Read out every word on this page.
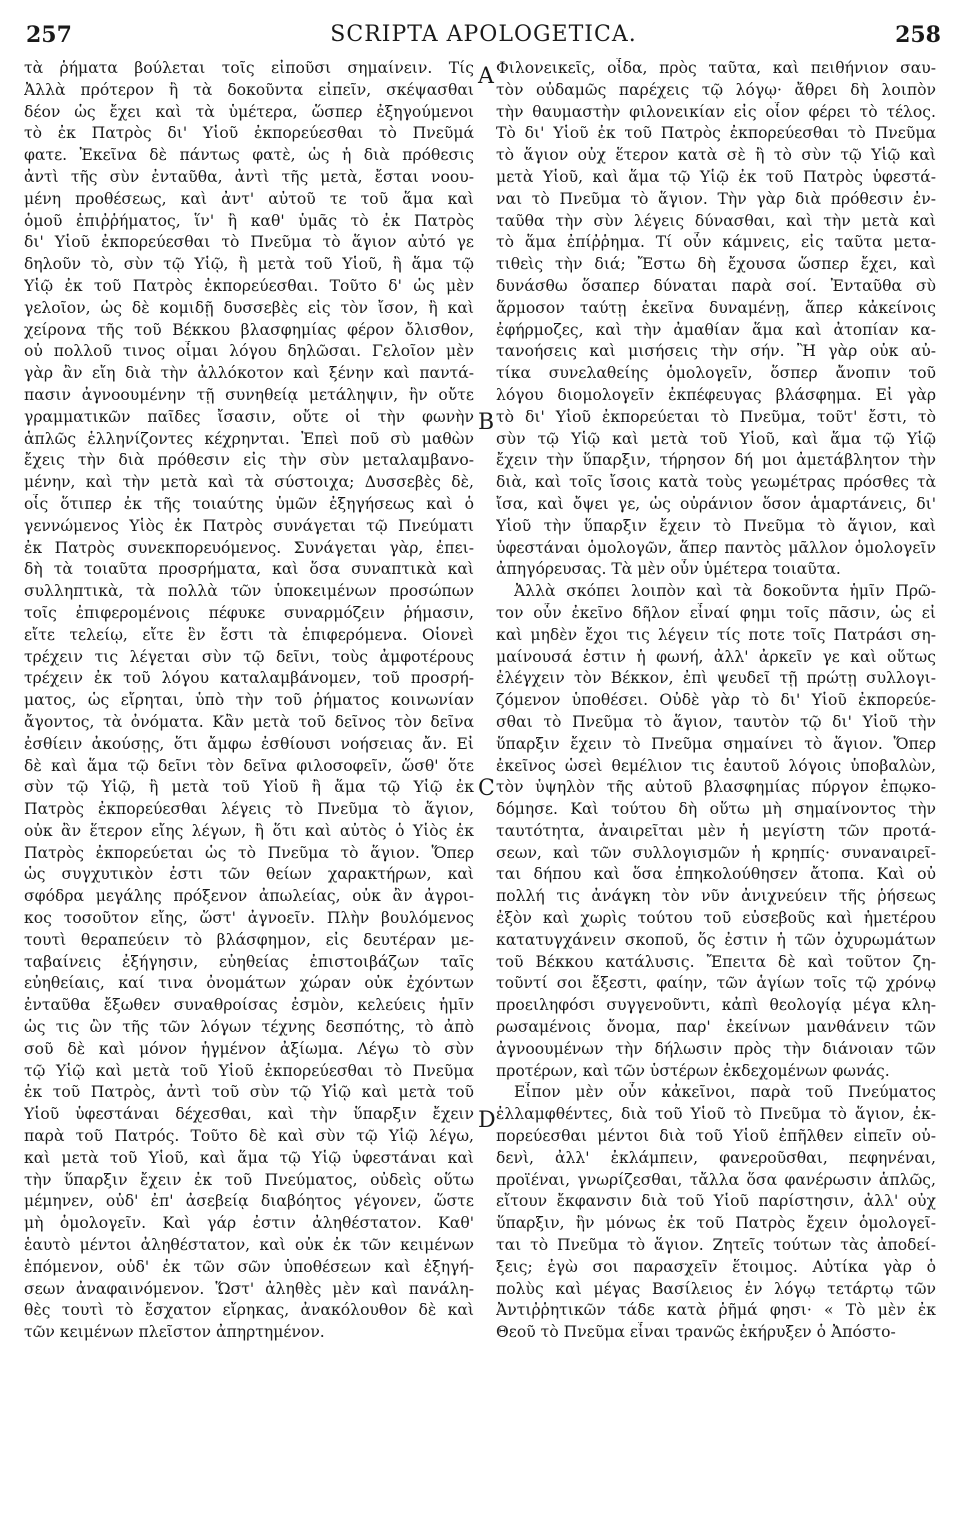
257	SCRIPTA APOLOGETICA.	258
τὰ ῥήματα βούλεται τοῖς εἰποῦσι σημαίνειν. Τίς
Ἀλλὰ πρότερον ἢ τὰ δοκοῦντα εἰπεῖν, σκέψασθαι
δέον ὡς ἔχει καὶ τὰ ὑμέτερα, ὥσπερ ἐξηγούμενοι
τὸ ἐκ Πατρὸς δι' Υἱοῦ ἐκπορεύεσθαι τὸ Πνεῦμά
φατε. Ἐκεῖνα δὲ πάντως φατὲ, ὡς ἡ διὰ πρόθεσις
ἀντὶ τῆς σὺν ἐνταῦθα, ἀντὶ τῆς μετὰ, ἔσται νοου-
μένη προθέσεως, καὶ ἀντ' αὐτοῦ τε τοῦ ἅμα καὶ
ὁμοῦ ἐπιῤῥήματος, ἵν' ἢ καθ' ὑμᾶς τὸ ἐκ Πατρὸς
δι' Υἱοῦ ἐκπορεύεσθαι τὸ Πνεῦμα τὸ ἅγιον αὐτό γε
δηλοῦν τὸ, σὺν τῷ Υἱῷ, ἢ μετὰ τοῦ Υἱοῦ, ἢ ἅμα τῷ
Υἱῷ ἐκ τοῦ Πατρὸς ἐκπορεύεσθαι. Τοῦτο δ' ὡς μὲν
γελοῖον, ὡς δὲ κομιδῇ δυσσεβὲς εἰς τὸν ἴσον, ἢ καὶ
χείρονα τῆς τοῦ Βέκκου βλασφημίας φέρον ὄλισθον,
οὐ πολλοῦ τινος οἶμαι λόγου δηλῶσαι. Γελοῖον μὲν
γὰρ ἂν εἴη διὰ τὴν ἀλλόκοτον καὶ ξένην καὶ παντά-
πασιν ἀγνοουμένην τῇ συνηθείᾳ μετάληψιν, ἣν οὔτε
γραμματικῶν παῖδες ἴσασιν, οὔτε οἱ τὴν φωνὴν
ἁπλῶς ἑλληνίζοντες κέχρηνται. Ἐπεὶ ποῦ σὺ μαθὼν
ἔχεις τὴν διὰ πρόθεσιν εἰς τὴν σὺν μεταλαμβανο-
μένην, καὶ τὴν μετὰ καὶ τὰ σύστοιχα; Δυσσεβὲς δὲ,
οἷς ὅτιπερ ἐκ τῆς τοιαύτης ὑμῶν ἐξηγήσεως καὶ ὁ
γεννώμενος Υἱὸς ἐκ Πατρὸς συνάγεται τῷ Πνεύματι
ἐκ Πατρὸς συνεκπορευόμενος. Συνάγεται γὰρ, ἐπει-
δὴ τὰ τοιαῦτα προσρήματα, καὶ ὅσα συναπτικὰ καὶ
συλληπτικὰ, τὰ πολλὰ τῶν ὑποκειμένων προσώπων
τοῖς ἐπιφερομένοις πέφυκε συναρμόζειν ῥήμασιν,
εἴτε τελείῳ, εἴτε ἓν ἔστι τὰ ἐπιφερόμενα. Οἱονεὶ
τρέχειν τις λέγεται σὺν τῷ δεῖνι, τοὺς ἀμφοτέρους
τρέχειν ἐκ τοῦ λόγου καταλαμβάνομεν, τοῦ προσρή-
ματος, ὡς εἴρηται, ὑπὸ τὴν τοῦ ῥήματος κοινωνίαν
ἄγοντος, τὰ ὀνόματα. Κἂν μετὰ τοῦ δεῖνος τὸν δεῖνα
ἐσθίειν ἀκούσῃς, ὅτι ἄμφω ἐσθίουσι νοήσειας ἄν. Εἰ
δὲ καὶ ἅμα τῷ δεῖνι τὸν δεῖνα φιλοσοφεῖν, ὥσθ' ὅτε
σὺν τῷ Υἱῷ, ἢ μετὰ τοῦ Υἱοῦ ἢ ἅμα τῷ Υἱῷ ἐκ
Πατρὸς ἐκπορεύεσθαι λέγεις τὸ Πνεῦμα τὸ ἅγιον,
οὐκ ἂν ἕτερον εἴης λέγων, ἢ ὅτι καὶ αὐτὸς ὁ Υἱὸς ἐκ
Πατρὸς ἐκπορεύεται ὡς τὸ Πνεῦμα τὸ ἅγιον. Ὅπερ
ὡς συγχυτικὸν ἐστι τῶν θείων χαρακτήρων, καὶ
σφόδρα μεγάλης πρόξενον ἀπωλείας, οὐκ ἂν ἀγροι-
κος τοσοῦτον εἴης, ὥστ' ἀγνοεῖν. Πλὴν βουλόμενος
τουτὶ θεραπεύειν τὸ βλάσφημον, εἰς δευτέραν με-
ταβαίνεις ἐξήγησιν, εὐηθείας ἐπιστοιβάζων ταῖς
εὐηθείαις, καί τινα ὀνομάτων χώραν οὐκ ἐχόντων
ἐνταῦθα ἔξωθεν συναθροίσας ἐσμὸν, κελεύεις ἡμῖν
ὡς τις ὢν τῆς τῶν λόγων τέχνης δεσπότης, τὸ ἀπὸ
σοῦ δὲ καὶ μόνον ἡγμένον ἀξίωμα. Λέγω τὸ σὺν
τῷ Υἱῷ καὶ μετὰ τοῦ Υἱοῦ ἐκπορεύεσθαι τὸ Πνεῦμα
ἐκ τοῦ Πατρὸς, ἀντὶ τοῦ σὺν τῷ Υἱῷ καὶ μετὰ τοῦ
Υἱοῦ ὑφεστάναι δέχεσθαι, καὶ τὴν ὕπαρξιν ἔχειν
παρὰ τοῦ Πατρός. Τοῦτο δὲ καὶ σὺν τῷ Υἱῷ λέγω,
καὶ μετὰ τοῦ Υἱοῦ, καὶ ἅμα τῷ Υἱῷ ὑφεστάναι καὶ
τὴν ὕπαρξιν ἔχειν ἐκ τοῦ Πνεύματος, οὐδεὶς οὕτω
μέμηνεν, οὐδ' ἐπ' ἀσεβείᾳ διαβόητος γέγονεν, ὥστε
μὴ ὁμολογεῖν. Καὶ γάρ ἐστιν ἀληθέστατον. Καθ'
ἑαυτὸ μέντοι ἀληθέστατον, καὶ οὐκ ἐκ τῶν κειμένων
ἑπόμενον, οὐδ' ἐκ τῶν σῶν ὑποθέσεων καὶ ἐξηγή-
σεων ἀναφαινόμενον. Ὥστ' ἀληθὲς μὲν καὶ πανάλη-
θὲς τουτὶ τὸ ἔσχατον εἴρηκας, ἀνακόλουθον δὲ καὶ
τῶν κειμένων πλεῖστον ἀπηρτημένον.
Φιλονεικεῖς, οἶδα, πρὸς ταῦτα, καὶ πειθήνιον σαυ-
τὸν οὐδαμῶς παρέχεις τῷ λόγῳ· ἄθρει δὴ λοιπὸν
τὴν θαυμαστὴν φιλονεικίαν εἰς οἷον φέρει τὸ τέλος.
Τὸ δι' Υἱοῦ ἐκ τοῦ Πατρὸς ἐκπορεύεσθαι τὸ Πνεῦμα
τὸ ἅγιον οὐχ ἕτερον κατὰ σὲ ἢ τὸ σὺν τῷ Υἱῷ καὶ
μετὰ Υἱοῦ, καὶ ἅμα τῷ Υἱῷ ἐκ τοῦ Πατρὸς ὑφεστά-
ναι τὸ Πνεῦμα τὸ ἅγιον. Τὴν γὰρ διὰ πρόθεσιν ἐν-
ταῦθα τὴν σὺν λέγεις δύνασθαι, καὶ τὴν μετὰ καὶ
τὸ ἅμα ἐπίῤῥημα. Τί οὖν κάμνεις, εἰς ταῦτα μετα-
τιθεὶς τὴν διά; Ἔστω δὴ ἔχουσα ὥσπερ ἔχει, καὶ
δυνάσθω ὅσαπερ δύναται παρὰ σοί. Ἐνταῦθα σὺ
ἅρμοσον ταύτῃ ἐκεῖνα δυναμένῃ, ἅπερ κἀκείνοις
ἐφήρμοζες, καὶ τὴν ἀμαθίαν ἅμα καὶ ἀτοπίαν κα-
τανοήσεις καὶ μισήσεις τὴν σήν. Ἢ γὰρ οὐκ αὐ-
τίκα συνελαθείης ὁμολογεῖν, ὅσπερ ἄνοπιν τοῦ
λόγου διομολογεῖν ἐκπέφευγας βλάσφημα. Εἰ γὰρ
τὸ δι' Υἱοῦ ἐκπορεύεται τὸ Πνεῦμα, τοῦτ' ἔστι, τὸ
σὺν τῷ Υἱῷ καὶ μετὰ τοῦ Υἱοῦ, καὶ ἅμα τῷ Υἱῷ
ἔχειν τὴν ὕπαρξιν, τήρησον δή μοι ἀμετάβλητον τὴν
διὰ, καὶ τοῖς ἴσοις κατὰ τοὺς γεωμέτρας πρόσθες τὰ
ἴσα, καὶ ὄψει γε, ὡς οὐράνιον ὅσον ἁμαρτάνεις, δι'
Υἱοῦ τὴν ὕπαρξιν ἔχειν τὸ Πνεῦμα τὸ ἅγιον, καὶ
ὑφεστάναι ὁμολογῶν, ἅπερ παντὸς μᾶλλον ὁμολογεῖν
ἀπηγόρευσας. Τὰ μὲν οὖν ὑμέτερα τοιαῦτα.
Ἀλλὰ σκόπει λοιπὸν καὶ τὰ δοκοῦντα ἡμῖν Πρῶ-
τον οὖν ἐκεῖνο δῆλον εἶναί φημι τοῖς πᾶσιν, ὡς εἰ
καὶ μηδὲν ἔχοι τις λέγειν τίς ποτε τοῖς Πατράσι ση-
μαίνουσά ἐστιν ἡ φωνή, ἀλλ' ἀρκεῖν γε καὶ οὕτως
ἐλέγχειν τὸν Βέκκον, ἐπὶ ψευδεῖ τῇ πρώτῃ συλλογι-
ζόμενον ὑποθέσει. Οὐδὲ γὰρ τὸ δι' Υἱοῦ ἐκπορεύε-
σθαι τὸ Πνεῦμα τὸ ἅγιον, ταυτὸν τῷ δι' Υἱοῦ τὴν
ὕπαρξιν ἔχειν τὸ Πνεῦμα σημαίνει τὸ ἅγιον. Ὅπερ
ἐκεῖνος ὡσεὶ θεμέλιον τις ἑαυτοῦ λόγοις ὑποβαλὼν,
τὸν ὑψηλὸν τῆς αὐτοῦ βλασφημίας πύργον ἐπῳκο-
δόμησε. Καὶ τούτου δὴ οὕτω μὴ σημαίνοντος τὴν
ταυτότητα, ἀναιρεῖται μὲν ἡ μεγίστη τῶν προτά-
σεων, καὶ τῶν συλλογισμῶν ἡ κρηπίς· συναναιρεῖ-
ται δήπου καὶ ὅσα ἐπηκολούθησεν ἄτοπα. Καὶ οὐ
πολλή τις ἀνάγκη τὸν νῦν ἀνιχνεύειν τῆς ῥήσεως
ἐξὸν καὶ χωρὶς τούτου τοῦ εὐσεβοῦς καὶ ἡμετέρου
κατατυγχάνειν σκοποῦ, ὅς ἐστιν ἡ τῶν ὀχυρωμάτων
τοῦ Βέκκου κατάλυσις. Ἔπειτα δὲ καὶ τοῦτον ζη-
τοῦντί σοι ἔξεστι, φαίην, τῶν ἁγίων τοῖς τῷ χρόνῳ
προειληφόσι συγγενοῦντι, κἀπὶ θεολογίᾳ μέγα κλη-
ρωσαμένοις ὄνομα, παρ' ἐκείνων μανθάνειν τῶν
ἀγνοουμένων τὴν δήλωσιν πρὸς τὴν διάνοιαν τῶν
προτέρων, καὶ τῶν ὑστέρων ἐκδεχομένων φωνάς.
Εἶπον μὲν οὖν κἀκεῖνοι, παρὰ τοῦ Πνεύματος
ἐλλαμφθέντες, διὰ τοῦ Υἱοῦ τὸ Πνεῦμα τὸ ἅγιον, ἐκ-
πορεύεσθαι μέντοι διὰ τοῦ Υἱοῦ ἐπῆλθεν εἰπεῖν οὐ-
δενὶ, ἀλλ' ἐκλάμπειν, φανεροῦσθαι, πεφηνέναι,
προϊέναι, γνωρίζεσθαι, τἄλλα ὅσα φανέρωσιν ἁπλῶς,
εἴτουν ἔκφανσιν διὰ τοῦ Υἱοῦ παρίστησιν, ἀλλ' οὐχ
ὕπαρξιν, ἣν μόνως ἐκ τοῦ Πατρὸς ἔχειν ὁμολογεῖ-
ται τὸ Πνεῦμα τὸ ἅγιον. Ζητεῖς τούτων τὰς ἀποδεί-
ξεις; ἐγὼ σοι παρασχεῖν ἕτοιμος. Αὐτίκα γὰρ ὁ
πολὺς καὶ μέγας Βασίλειος ἐν λόγῳ τετάρτῳ τῶν
Ἀντιῤῥητικῶν τάδε κατὰ ῥῆμά φησι· « Τὸ μὲν ἐκ
Θεοῦ τὸ Πνεῦμα εἶναι τρανῶς ἐκήρυξεν ὁ Ἀπόστο-
A
B
C
D
